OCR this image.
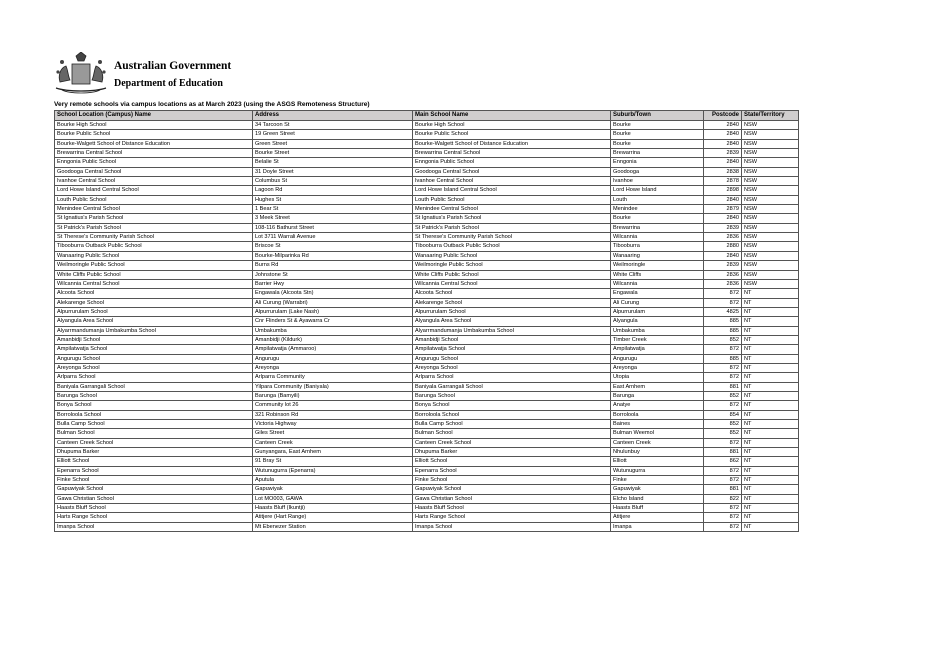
Australian Government
Department of Education
Very remote schools via campus locations as at March 2023 (using the ASGS Remoteness Structure)
School Location (Campus) Name	Address	Main School Name	Suburb/Town	Postcode	State/Territory
Bourke High School	34 Tarcoon St	Bourke High School	Bourke	2840	NSW
Bourke Public School	19 Green Street	Bourke Public School	Bourke	2840	NSW
Bourke-Walgett School of Distance Education	Green Street	Bourke-Walgett School of Distance Education	Bourke	2840	NSW
Brewarrina Central School	Bourke Street	Brewarrina Central School	Brewarrina	2839	NSW
Enngonia Public School	Belalie St	Enngonia Public School	Enngonia	2840	NSW
Goodooga Central School	31 Doyle Street	Goodooga Central School	Goodooga	2838	NSW
Ivanhoe Central School	Columbus St	Ivanhoe Central School	Ivanhoe	2878	NSW
Lord Howe Island Central School	Lagoon Rd	Lord Howe Island Central School	Lord Howe Island	2898	NSW
Louth Public School	Hughes St	Louth Public School	Louth	2840	NSW
Menindee Central School	1 Bear St	Menindee Central School	Menindee	2879	NSW
St Ignatius's Parish School	3 Meek Street	St Ignatius's Parish School	Bourke	2840	NSW
St Patrick's Parish School	108-116 Bathurst Street	St Patrick's Parish School	Brewarrina	2839	NSW
St Therese's Community Parish School	Lot 3711 Warrali Avenue	St Therese's Community Parish School	Wilcannia	2836	NSW
Tibooburra Outback Public School	Briscoe St	Tibooburra Outback Public School	Tibooburra	2880	NSW
Wanaaring Public School	Bourke-Milparinka Rd	Wanaaring Public School	Wanaaring	2840	NSW
Weilmoringle Public School	Burns Rd	Weilmoringle Public School	Weilmoringle	2839	NSW
White Cliffs Public School	Johnstone St	White Cliffs Public School	White Cliffs	2836	NSW
Wilcannia Central School	Barrier Hwy	Wilcannia Central School	Wilcannia	2836	NSW
Alcoota School	Engawala (Alcoota Stn)	Alcoota School	Engawala	872	NT
Alekarenge School	Ali Curung (Warrabri)	Alekarenge School	Ali Curung	872	NT
Alpurrurulam School	Alpurrurulam (Lake Nash)	Alpurrurulam School	Alpurrurulam	4825	NT
Alyangula Area School	Cnr Flinders St & Ayawarra Cr	Alyangula Area School	Alyangula	885	NT
Alyarrmandumanja Umbakumba School	Umbakumba	Alyarrmandumanja Umbakumba School	Umbakumba	885	NT
Amanbidji School	Amanbidji (Kildurk)	Amanbidji School	Timber Creek	852	NT
Ampilatwatja School	Ampilatwatja (Ammaroo)	Ampilatwatja School	Ampilatwatja	872	NT
Angurugu School	Angurugu	Angurugu School	Angurugu	885	NT
Areyonga School	Areyonga	Areyonga School	Areyonga	872	NT
Arlparra School	Arlparra Community	Arlparra School	Utopia	872	NT
Baniyala Garrangali School	Yilpara Community (Baniyala)	Baniyala Garrangali School	East Arnhem	881	NT
Barunga School	Barunga (Bamyili)	Barunga School	Barunga	852	NT
Bonya School	Community lot 26	Bonya School	Anatye	872	NT
Borroloola School	321 Robinson Rd	Borroloola School	Borroloola	854	NT
Bulla Camp School	Victoria Highway	Bulla Camp School	Baines	852	NT
Bulman School	Giles Street	Bulman School	Bulman Weemol	852	NT
Canteen Creek School	Canteen Creek	Canteen Creek School	Canteen Creek	872	NT
Dhupuma Barker	Gunyangara, East Arnhem	Dhupuma Barker	Nhulunbuy	881	NT
Elliott School	91 Bray St	Elliott School	Elliott	862	NT
Epenarra School	Wutunugurra (Epenarra)	Epenarra School	Wutunugurra	872	NT
Finke School	Aputula	Finke School	Finke	872	NT
Gapuwiyak School	Gapuwiyak	Gapuwiyak School	Gapuwiyak	881	NT
Gawa Christian School	Lot MO003, GAWA	Gawa Christian School	Elcho Island	822	NT
Haasts Bluff School	Haasts Bluff (Ikuntji)	Haasts Bluff School	Haasts Bluff	872	NT
Harts Range School	Atitjere (Hart Range)	Harts Range School	Atitjere	872	NT
Imanpa School	Mt Ebenezer Station	Imanpa School	Imanpa	872	NT
